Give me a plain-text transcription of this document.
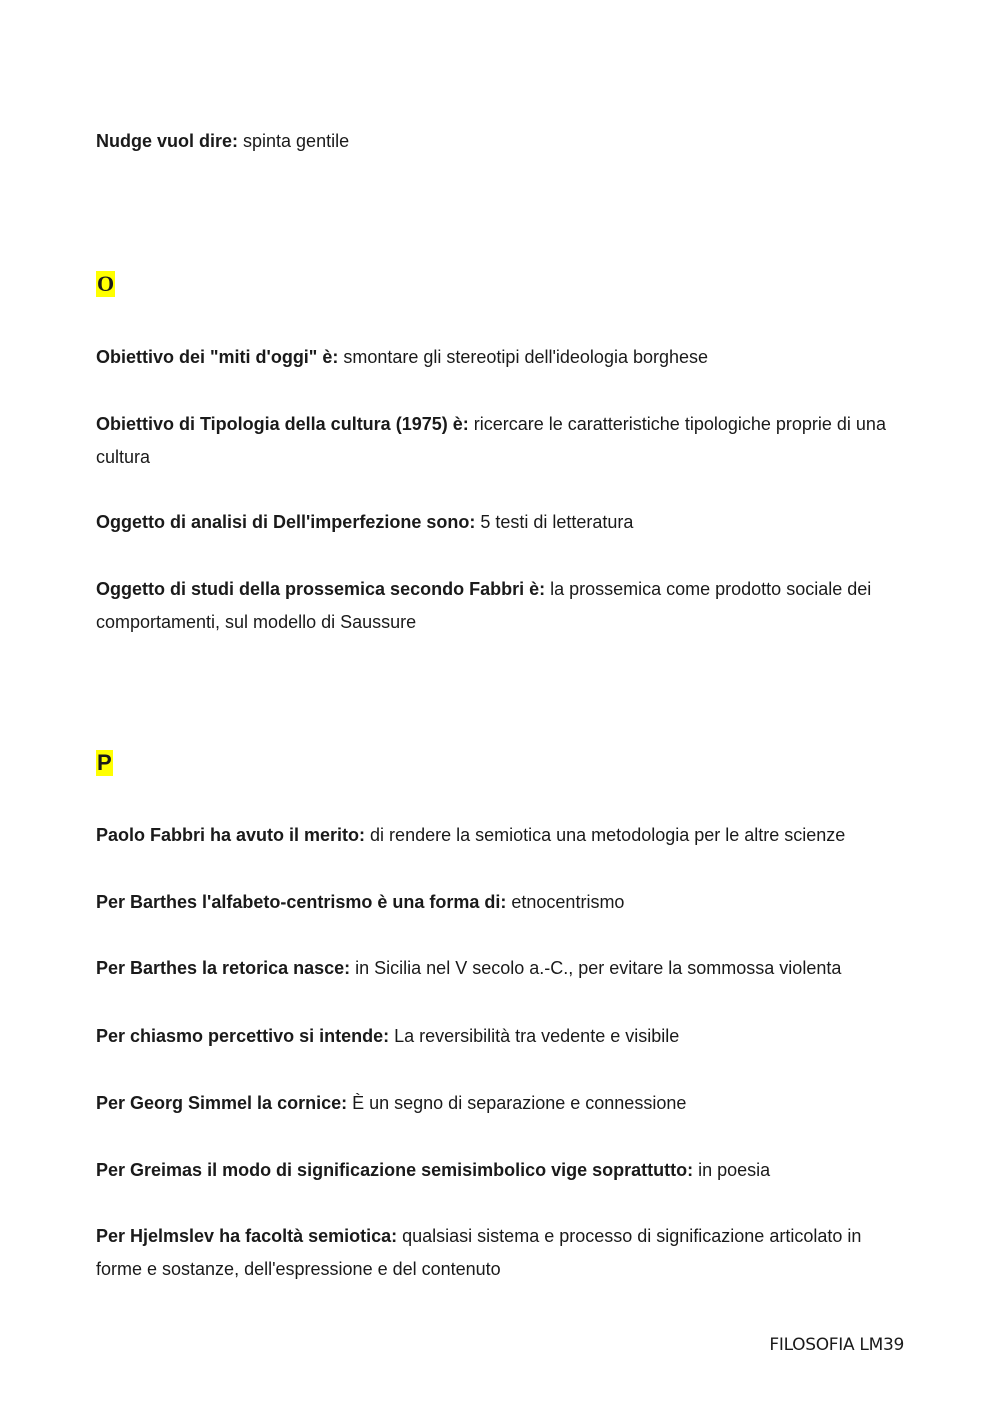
Nudge vuol dire: spinta gentile

O

Obiettivo dei "miti d'oggi" è: smontare gli stereotipi dell'ideologia borghese

Obiettivo di Tipologia della cultura (1975) è: ricercare le caratteristiche tipologiche proprie di una cultura

Oggetto di analisi di Dell'imperfezione sono: 5 testi di letteratura

Oggetto di studi della prossemica secondo Fabbri è: la prossemica come prodotto sociale dei comportamenti, sul modello di Saussure

P

Paolo Fabbri ha avuto il merito: di rendere la semiotica una metodologia per le altre scienze

Per Barthes l'alfabeto-centrismo è una forma di: etnocentrismo

Per Barthes la retorica nasce: in Sicilia nel V secolo a.-C., per evitare la sommossa violenta

Per chiasmo percettivo si intende: La reversibilità tra vedente e visibile

Per Georg Simmel la cornice: È un segno di separazione e connessione

Per Greimas il modo di significazione semisimbolico vige soprattutto: in poesia

Per Hjelmslev ha facoltà semiotica: qualsiasi sistema e processo di significazione articolato in forme e sostanze, dell'espressione e del contenuto

FILOSOFIA LM39
